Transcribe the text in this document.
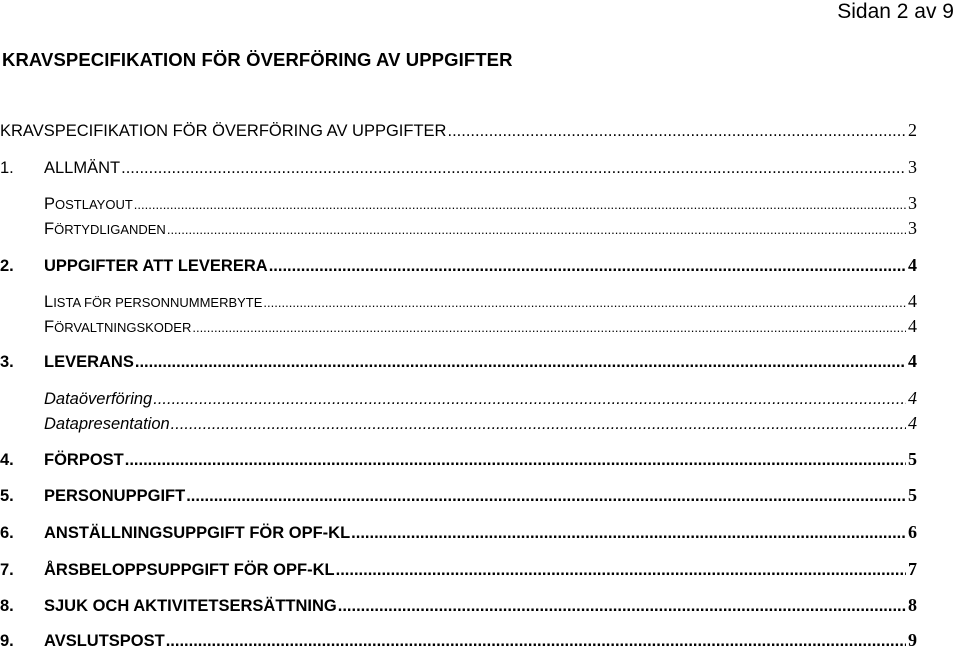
Sidan 2 av 9
KRAVSPECIFIKATION FÖR ÖVERFÖRING AV UPPGIFTER
KRAVSPECIFIKATION FÖR ÖVERFÖRING AV UPPGIFTER .....	2
1.	ALLMÄNT .....	3
POSTLAYOUT .....	3
FÖRTYDLIGANDEN .....	3
2.	UPPGIFTER ATT LEVERERA .....	4
LISTA FÖR PERSONNUMMERBYTE .....	4
FÖRVALTNINGSKODER .....	4
3.	LEVERANS .....	4
Dataöverföring .....	4
Datapresentation .....	4
4.	FÖRPOST .....	5
5.	PERSONUPPGIFT .....	5
6.	ANSTÄLLNINGSUPPGIFT FÖR OPF-KL .....	6
7.	ÅRSBELOPPSUPPGIFT FÖR OPF-KL .....	7
8.	SJUK OCH AKTIVITETSERSÄTTNING .....	8
9.	AVSLUTSPOST .....	9
